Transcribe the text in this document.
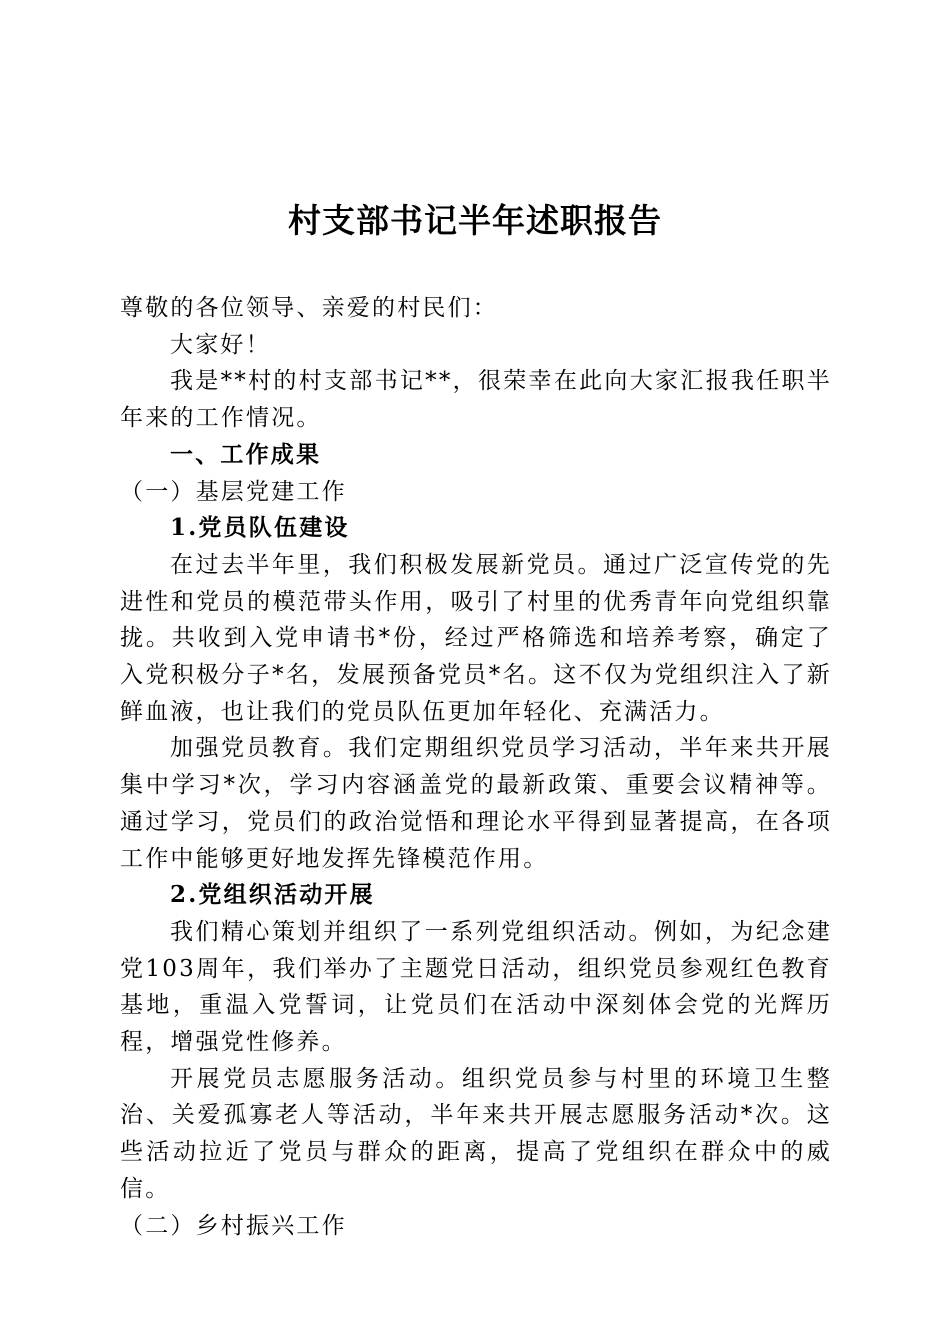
村支部书记半年述职报告

尊敬的各位领导、亲爱的村民们：

大家好！

我是**村的村支部书记**，很荣幸在此向大家汇报我任职半年来的工作情况。

一、工作成果

（一）基层党建工作

1.党员队伍建设

在过去半年里，我们积极发展新党员。通过广泛宣传党的先进性和党员的模范带头作用，吸引了村里的优秀青年向党组织靠拢。共收到入党申请书*份，经过严格筛选和培养考察，确定了入党积极分子*名，发展预备党员*名。这不仅为党组织注入了新鲜血液，也让我们的党员队伍更加年轻化、充满活力。

加强党员教育。我们定期组织党员学习活动，半年来共开展集中学习*次，学习内容涵盖党的最新政策、重要会议精神等。通过学习，党员们的政治觉悟和理论水平得到显著提高，在各项工作中能够更好地发挥先锋模范作用。

2.党组织活动开展

我们精心策划并组织了一系列党组织活动。例如，为纪念建党103周年，我们举办了主题党日活动，组织党员参观红色教育基地，重温入党誓词，让党员们在活动中深刻体会党的光辉历程，增强党性修养。

开展党员志愿服务活动。组织党员参与村里的环境卫生整治、关爱孤寡老人等活动，半年来共开展志愿服务活动*次。这些活动拉近了党员与群众的距离，提高了党组织在群众中的威信。

（二）乡村振兴工作
